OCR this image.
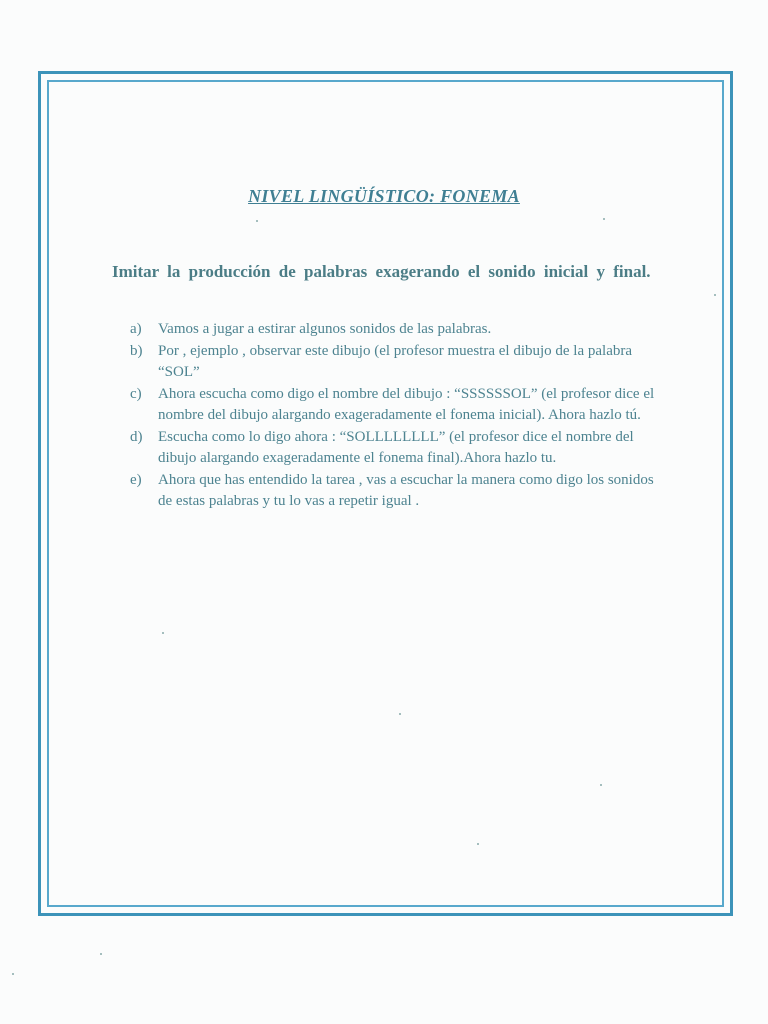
NIVEL LINGÜÍSTICO: FONEMA

Imitar la producción de palabras exagerando el sonido inicial y final.

a) Vamos a jugar a estirar algunos sonidos de las palabras.
b) Por , ejemplo , observar este dibujo (el profesor muestra el dibujo de la palabra “SOL”
c) Ahora escucha como digo el nombre del dibujo : “SSSSSSOL” (el profesor dice el nombre del dibujo alargando exageradamente el fonema inicial). Ahora hazlo tú.
d) Escucha como lo digo ahora : “SOLLLLLLLL” (el profesor dice el nombre del dibujo alargando exageradamente el fonema final).Ahora hazlo tu.
e) Ahora que has entendido la tarea , vas a escuchar la manera como digo los sonidos de estas palabras y tu lo vas a repetir igual .
